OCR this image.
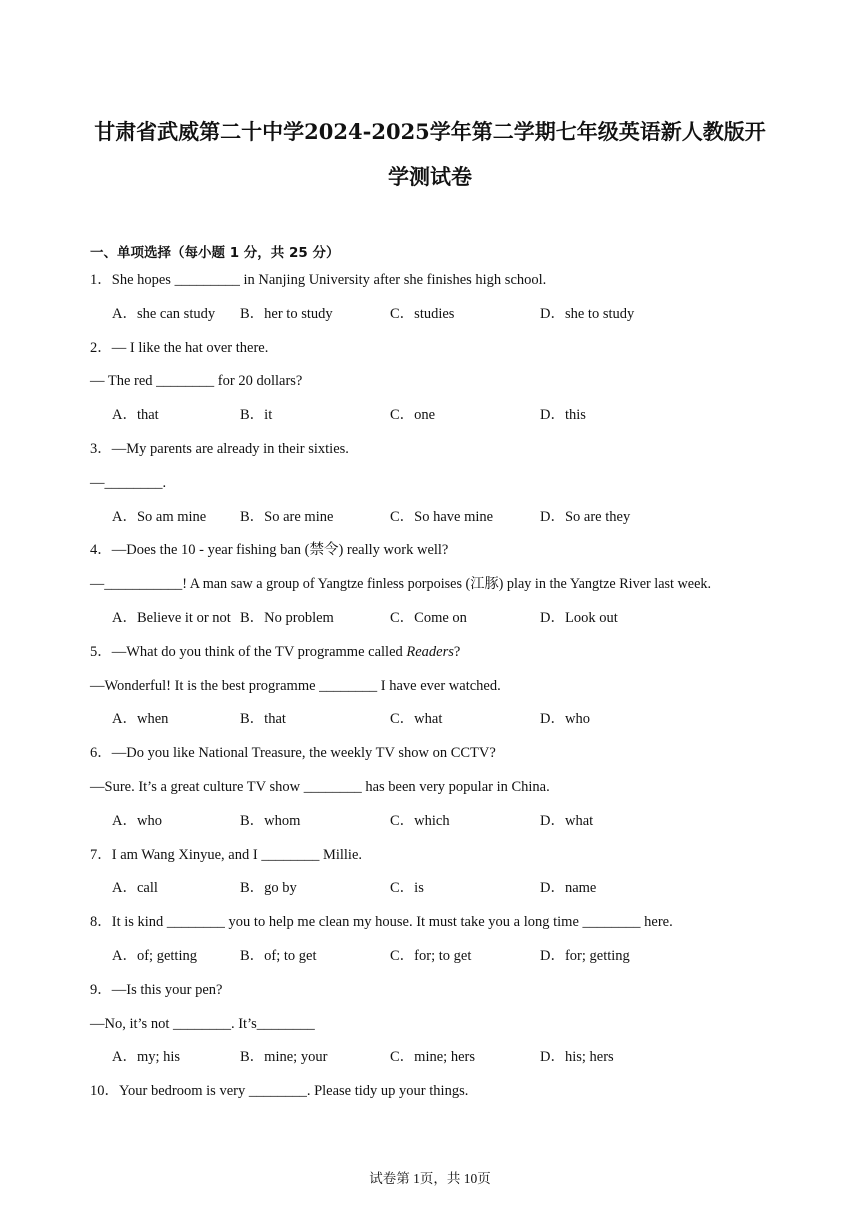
甘肃省武威第二十中学2024-2025学年第二学期七年级英语新人教版开
学测试卷
一、单项选择（每小题 1 分，共 25 分）
1．She hopes _________ in Nanjing University after she finishes high school.
A．she can study B．her to study	C．studies	D．she to study
2．— I like the hat over there.
— The red ________ for 20 dollars?
A．that	B．it	C．one	D．this
3．—My parents are already in their sixties.
—________.
A．So am mine B．So are mine	C．So have mine	D．So are they
4．—Does the 10 - year fishing ban (禁令) really work well?
—___________! A man saw a group of Yangtze finless porpoises (江豚) play in the Yangtze River last week.
A．Believe it or not B．No problem	C．Come on	D．Look out
5．—What do you think of the TV programme called Readers?
—Wonderful! It is the best programme ________ I have ever watched.
A．when	B．that	C．what	D．who
6．—Do you like National Treasure, the weekly TV show on CCTV?
—Sure. It’s a great culture TV show ________ has been very popular in China.
A．who	B．whom	C．which	D．what
7．I am Wang Xinyue, and I ________ Millie.
A．call	B．go by	C．is	D．name
8．It is kind ________ you to help me clean my house. It must take you a long time ________ here.
A．of; getting	B．of; to get	C．for; to get	D．for; getting
9．—Is this your pen?
—No, it’s not ________. It’s________
A．my; his	B．mine; your	C．mine; hers	D．his; hers
10．Your bedroom is very ________. Please tidy up your things.
试卷第 1页，共 10页
